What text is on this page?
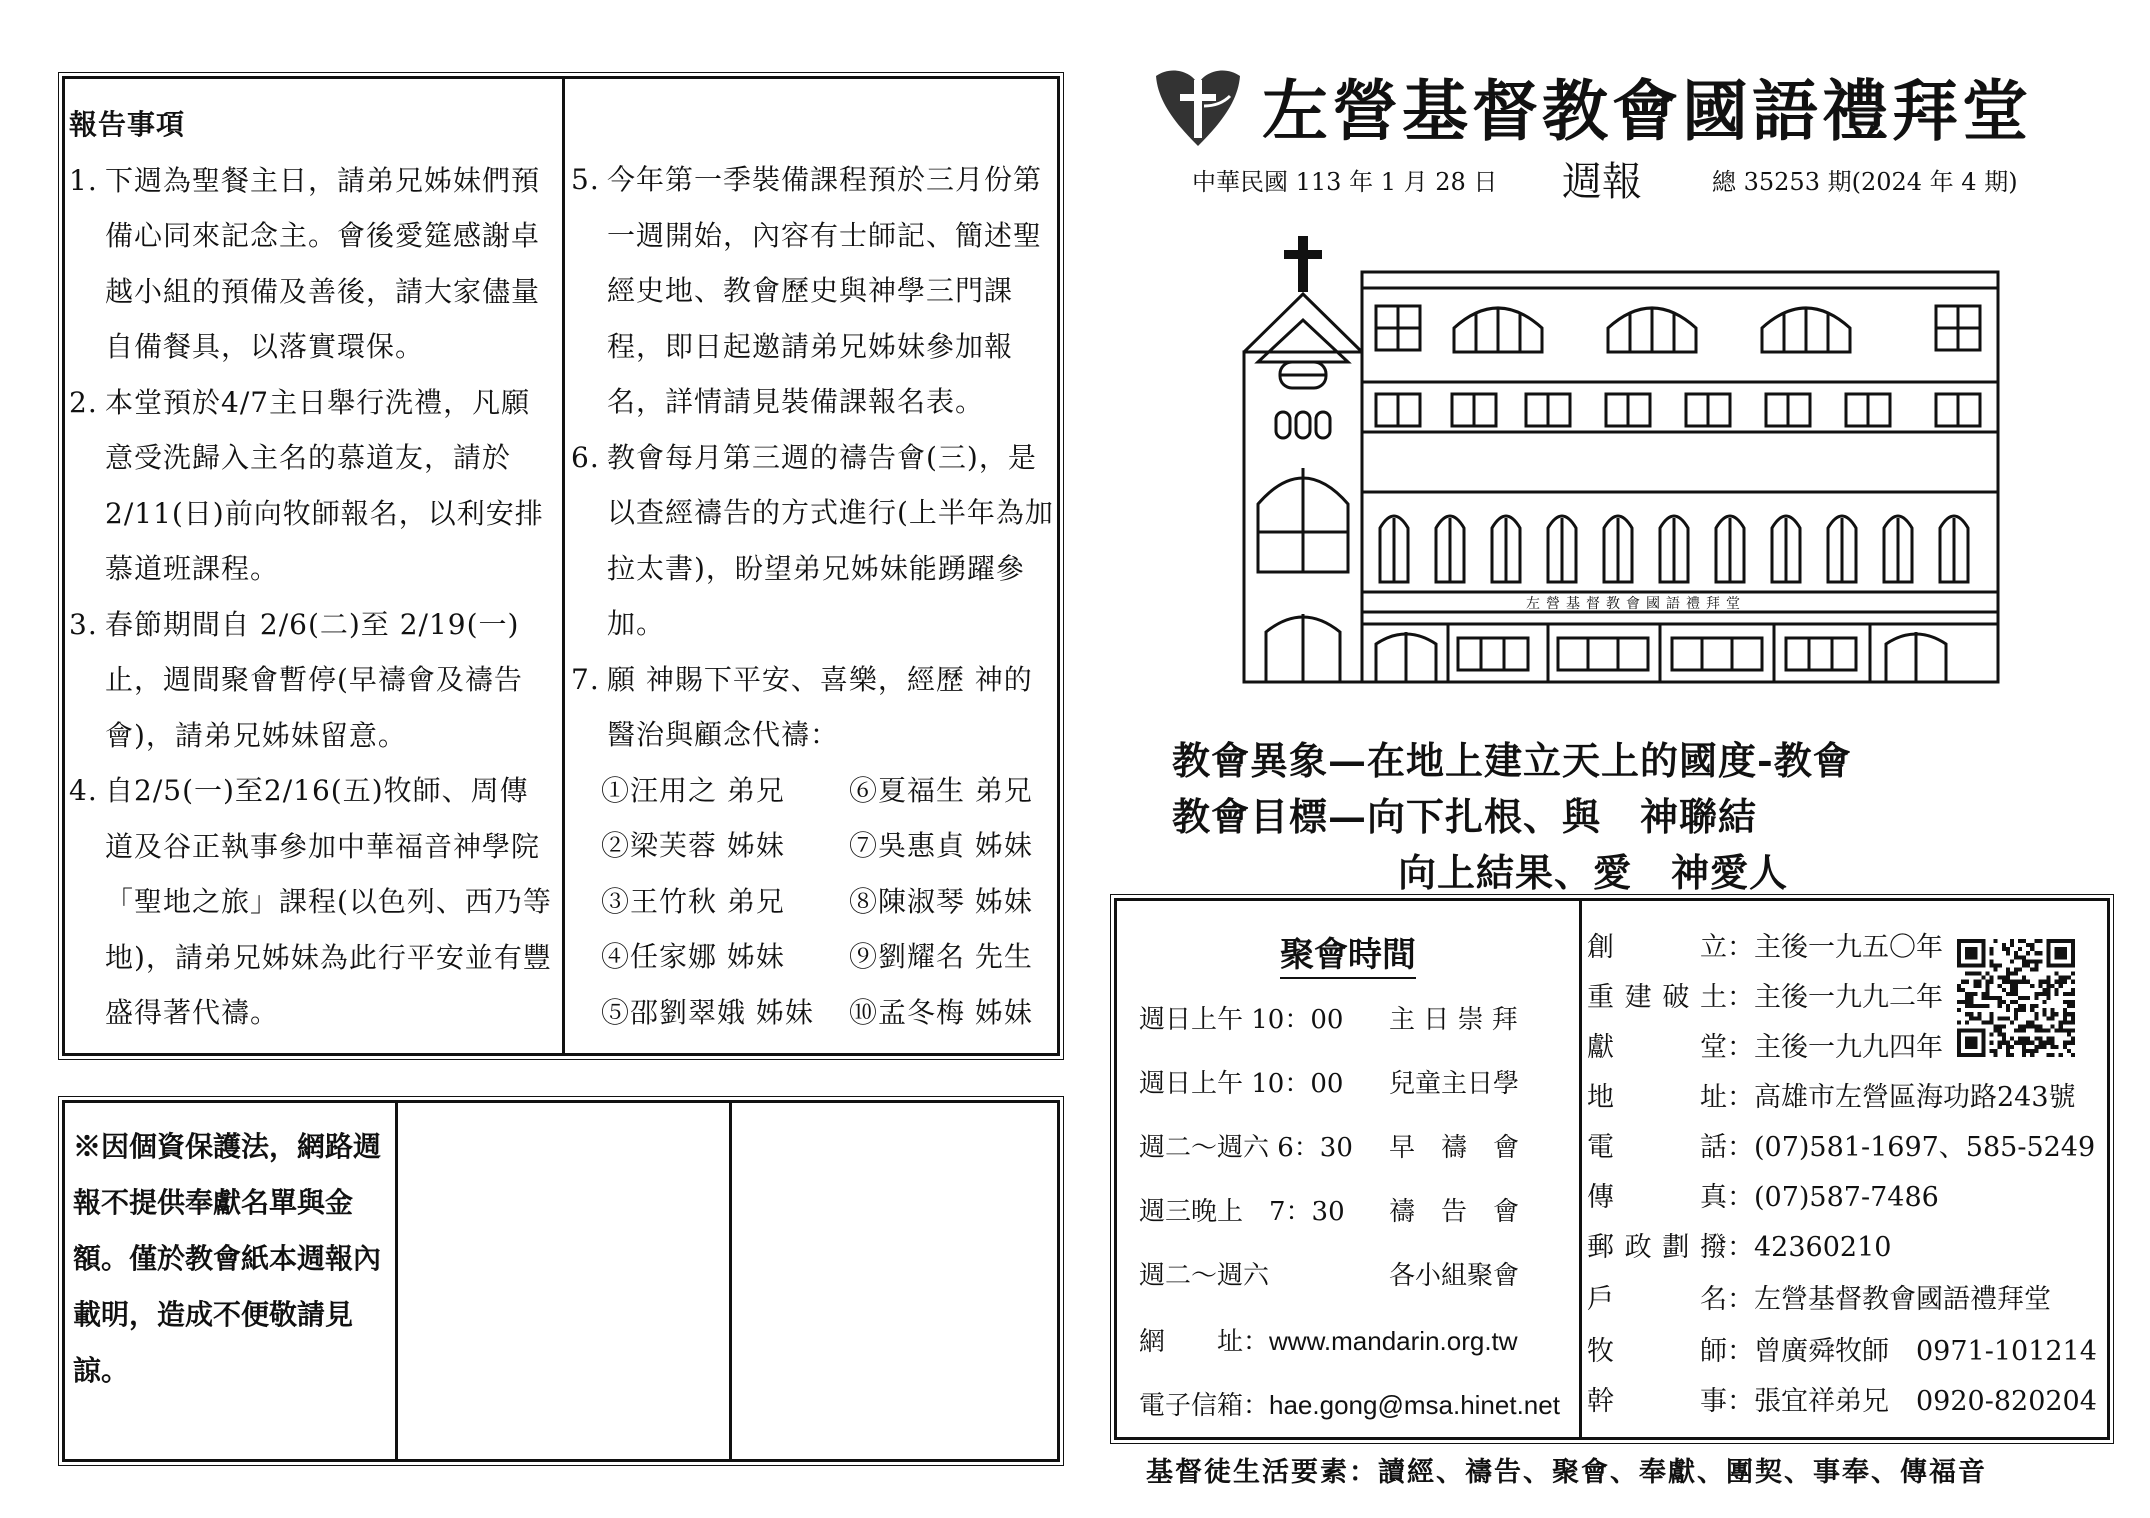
報告事項
1. 下週為聖餐主日，請弟兄姊妹們預備心同來記念主。會後愛筵感謝卓越小組的預備及善後，請大家儘量自備餐具，以落實環保。
2. 本堂預於4/7主日舉行洗禮，凡願意受洗歸入主名的慕道友，請於2/11(日)前向牧師報名，以利安排慕道班課程。
3. 春節期間自 2/6(二)至 2/19(一)止，週間聚會暫停(早禱會及禱告會)，請弟兄姊妹留意。
4. 自2/5(一)至2/16(五)牧師、周傳道及谷正執事參加中華福音神學院「聖地之旅」課程(以色列、西乃等地)，請弟兄姊妹為此行平安並有豐盛得著代禱。
5. 今年第一季裝備課程預於三月份第一週開始，內容有士師記、簡述聖經史地、教會歷史與神學三門課程，即日起邀請弟兄姊妹參加報名，詳情請見裝備課報名表。
6. 教會每月第三週的禱告會(三)，是以查經禱告的方式進行(上半年為加拉太書)，盼望弟兄姊妹能踴躍參加。
7. 願 神賜下平安、喜樂，經歷 神的醫治與顧念代禱：
①汪用之 弟兄	⑥夏福生 弟兄
②梁芙蓉 姊妹	⑦吳惠貞 姊妹
③王竹秋 弟兄	⑧陳淑琴 姊妹
④任家娜 姊妹	⑨劉耀名 先生
⑤邵劉翠娥 姊妹	⑩孟冬梅 姊妹
※因個資保護法，網路週報不提供奉獻名單與金額。僅於教會紙本週報內載明，造成不便敬請見諒。
左營基督教會國語禮拜堂
中華民國 113 年 1 月 28 日 週報	總 35253 期(2024 年 4 期)
左營基督教會國語禮拜堂
教會異象—在地上建立天上的國度-教會
教會目標—向下扎根、與　神聯結
向上結果、愛　神愛人
聚會時間
週日上午 10：00 主 日 崇 拜
週日上午 10：00 兒童主日學
週二～週六 6：30 早　禱　會
週三晚上　7：30 禱　告　會
週二～週六	各小組聚會
網　　址：www.mandarin.org.tw
電子信箱：hae.gong@msa.hinet.net
創立：主後一九五〇年
重建破土：主後一九九二年
獻堂：主後一九九四年
地址：高雄市左營區海功路243號
電話：(07)581-1697、585-5249
傳真：(07)587-7486
郵政劃撥：42360210
戶名：左營基督教會國語禮拜堂
牧師：曾廣舜牧師　0971-101214
幹事：張宜祥弟兄　0920-820204
基督徒生活要素：讀經、禱告、聚會、奉獻、團契、事奉、傳福音
